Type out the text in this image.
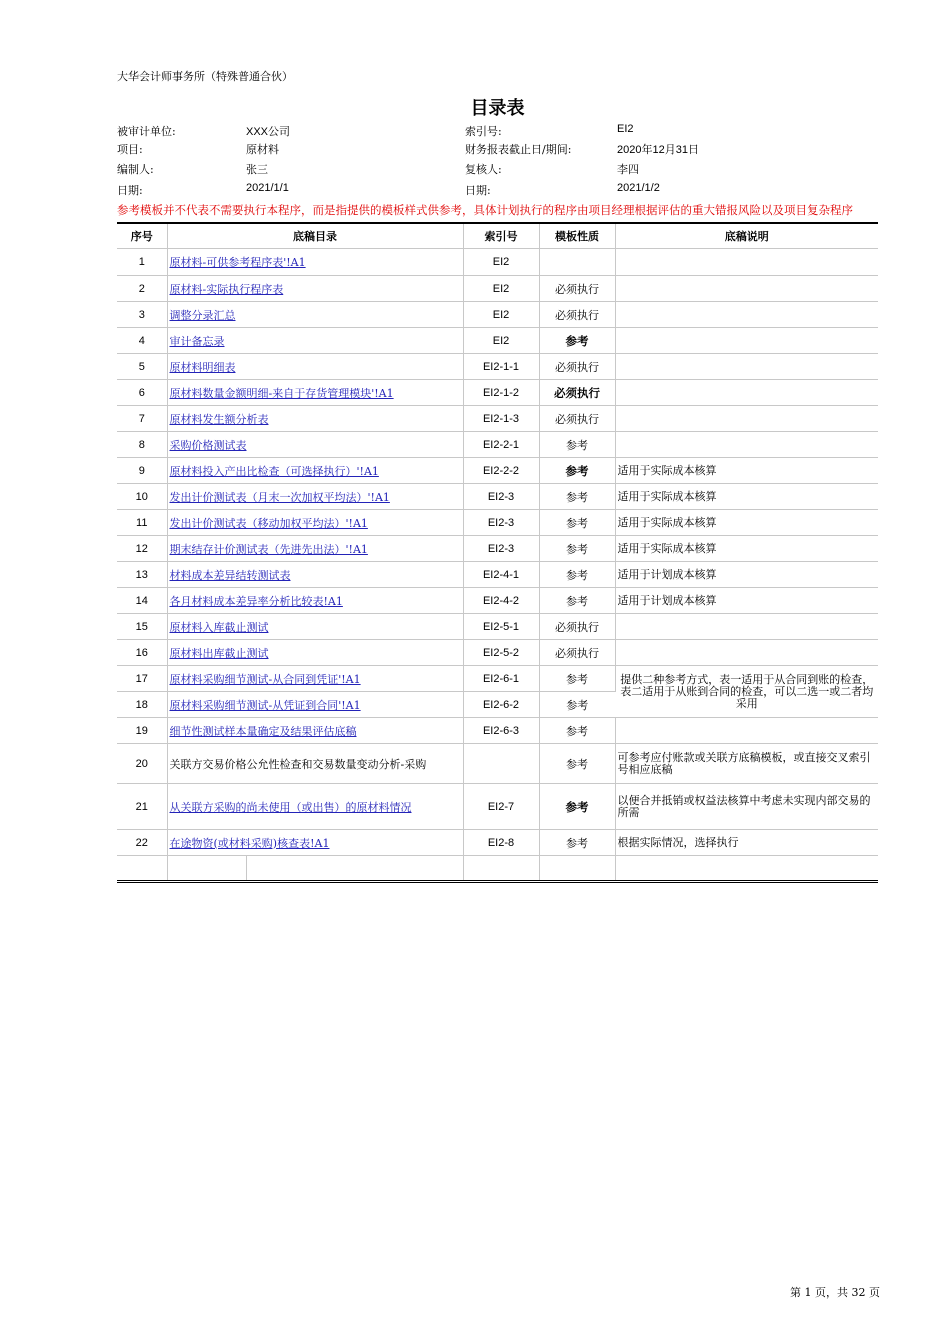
大华会计师事务所（特殊普通合伙）
目录表
被审计单位:	XXX公司	索引号:	EI2
项目:	原材料	财务报表截止日/期间:	2020年12月31日
编制人:	张三	复核人:	李四
日期:	2021/1/1	日期:	2021/1/2
参考模板并不代表不需要执行本程序，而是指提供的模板样式供参考，具体计划执行的程序由项目经理根据评估的重大错报风险以及项目复杂程序
序号	底稿目录	索引号	模板性质	底稿说明
1	原材料-可供参考程序表'!A1	EI2		
2	原材料-实际执行程序表	EI2	必须执行	
3	调整分录汇总	EI2	必须执行	
4	审计备忘录	EI2	参考	
5	原材料明细表	EI2-1-1	必须执行	
6	原材料数量金额明细-来自于存货管理模块'!A1	EI2-1-2	必须执行	
7	原材料发生额分析表	EI2-1-3	必须执行	
8	采购价格测试表	EI2-2-1	参考	
9	原材料投入产出比检查（可选择执行）'!A1	EI2-2-2	参考	适用于实际成本核算
10	发出计价测试表（月末一次加权平均法）'!A1	EI2-3	参考	适用于实际成本核算
11	发出计价测试表（移动加权平均法）'!A1	EI2-3	参考	适用于实际成本核算
12	期末结存计价测试表（先进先出法）'!A1	EI2-3	参考	适用于实际成本核算
13	材料成本差异结转测试表	EI2-4-1	参考	适用于计划成本核算
14	各月材料成本差异率分析比较表!A1	EI2-4-2	参考	适用于计划成本核算
15	原材料入库截止测试	EI2-5-1	必须执行	
16	原材料出库截止测试	EI2-5-2	必须执行	
17	原材料采购细节测试-从合同到凭证'!A1	EI2-6-1	参考	提供二种参考方式，表一适用于从合同到账的检查，表二适用于从账到合同的检查，可以二选一或二者均采用
18	原材料采购细节测试-从凭证到合同'!A1	EI2-6-2	参考	
19	细节性测试样本量确定及结果评估底稿	EI2-6-3	参考	
20	关联方交易价格公允性检查和交易数量变动分析-采购		参考	可参考应付账款或关联方底稿模板，或直接交叉索引号相应底稿
21	从关联方采购的尚未使用（或出售）的原材料情况	EI2-7	参考	以便合并抵销或权益法核算中考虑未实现内部交易的所需
22	在途物资(或材料采购)核查表!A1	EI2-8	参考	根据实际情况，选择执行

第 1 页，共 32 页
